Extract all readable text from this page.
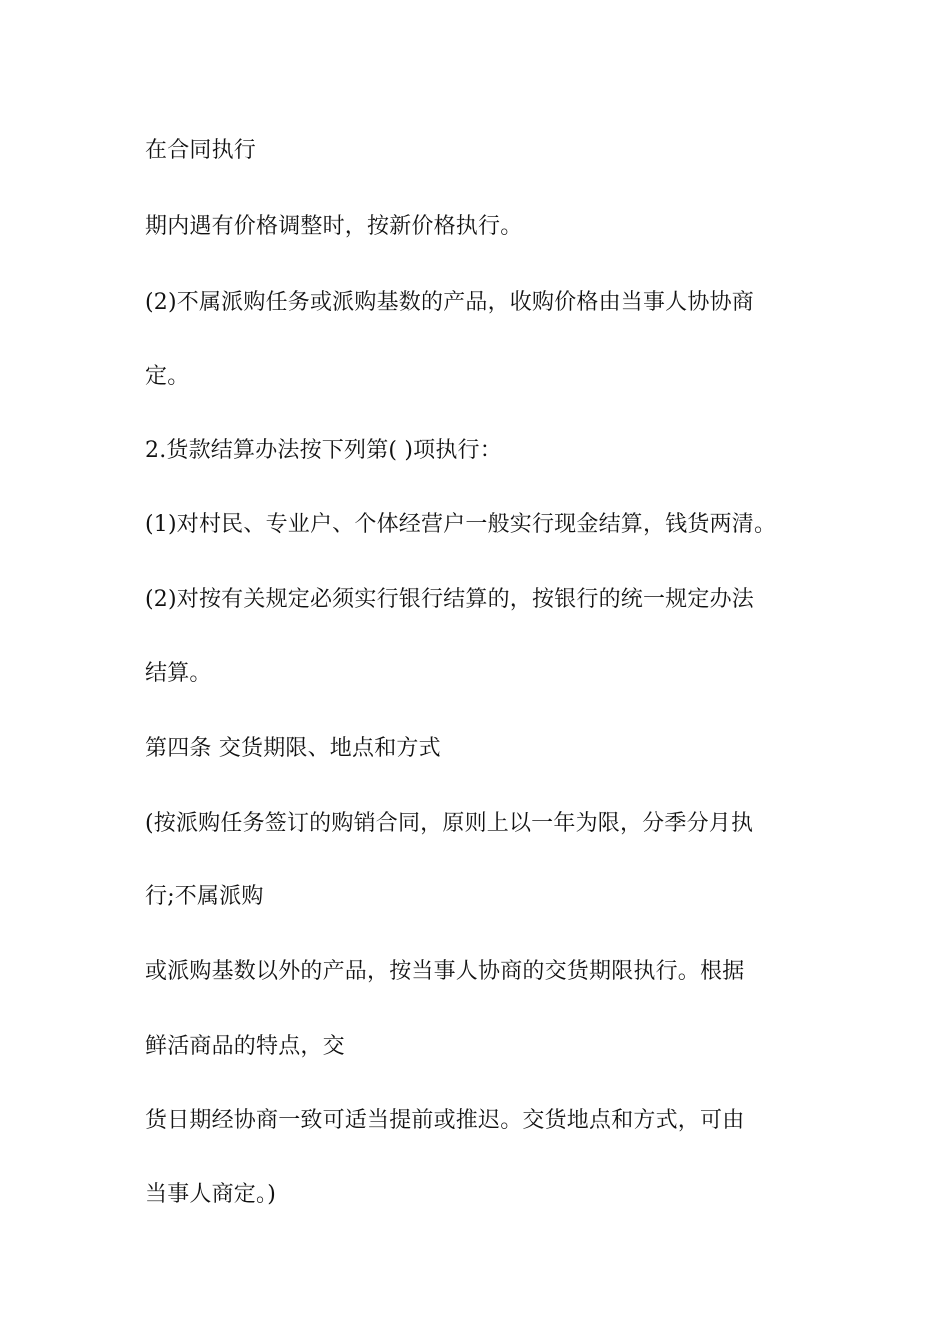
在合同执行
期内遇有价格调整时，按新价格执行。
(2)不属派购任务或派购基数的产品，收购价格由当事人协协商
定。
2.货款结算办法按下列第( )项执行：
(1)对村民、专业户、个体经营户一般实行现金结算，钱货两清。
(2)对按有关规定必须实行银行结算的，按银行的统一规定办法
结算。
第四条 交货期限、地点和方式
(按派购任务签订的购销合同，原则上以一年为限，分季分月执
行;不属派购
或派购基数以外的产品，按当事人协商的交货期限执行。根据
鲜活商品的特点，交
货日期经协商一致可适当提前或推迟。交货地点和方式，可由
当事人商定。)
